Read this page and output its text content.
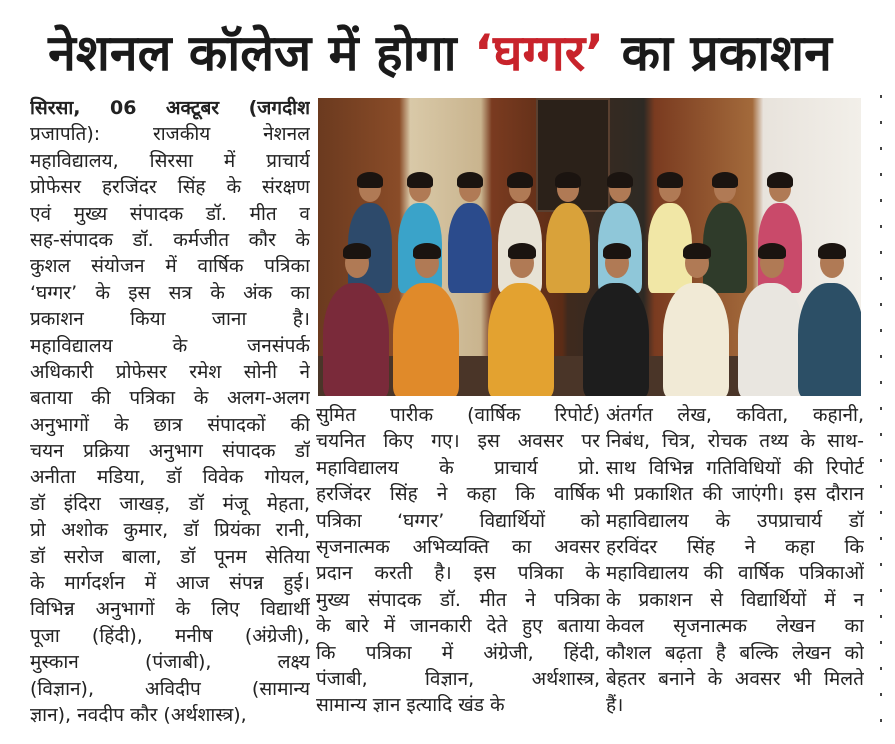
नेशनल कॉलेज में होगा ‘घग्गर’ का प्रकाशन
सिरसा, 06 अक्टूबर (जगदीश
प्रजापति): राजकीय नेशनल
महाविद्यालय, सिरसा में प्राचार्य
प्रोफेसर हरजिंदर सिंह के संरक्षण
एवं मुख्य संपादक डॉ. मीत व
सह-संपादक डॉ. कर्मजीत कौर के
कुशल संयोजन में वार्षिक पत्रिका
‘घग्गर’ के इस सत्र के अंक का
प्रकाशन किया जाना है।
महाविद्यालय के जनसंपर्क
अधिकारी प्रोफेसर रमेश सोनी ने
बताया की पत्रिका के अलग-अलग
अनुभागों के छात्र संपादकों की
चयन प्रक्रिया अनुभाग संपादक डॉ
अनीता मडिया, डॉ विवेक गोयल,
डॉ इंदिरा जाखड़, डॉ मंजू मेहता,
प्रो अशोक कुमार, डॉ प्रियंका रानी,
डॉ सरोज बाला, डॉ पूनम सेतिया
के मार्गदर्शन में आज संपन्न हुई।
विभिन्न अनुभागों के लिए विद्यार्थी
पूजा (हिंदी), मनीष (अंग्रेजी),
मुस्कान (पंजाबी), लक्ष्य
(विज्ञान), अविदीप (सामान्य
ज्ञान), नवदीप कौर (अर्थशास्त्र),
सुमित पारीक (वार्षिक रिपोर्ट)
चयनित किए गए। इस अवसर पर
महाविद्यालय के प्राचार्य प्रो.
हरजिंदर सिंह ने कहा कि वार्षिक
पत्रिका ‘घग्गर’ विद्यार्थियों को
सृजनात्मक अभिव्यक्ति का अवसर
प्रदान करती है। इस पत्रिका के
मुख्य संपादक डॉ. मीत ने पत्रिका
के बारे में जानकारी देते हुए बताया
कि पत्रिका में अंग्रेजी, हिंदी,
पंजाबी, विज्ञान, अर्थशास्त्र,
सामान्य ज्ञान इत्यादि खंड के
अंतर्गत लेख, कविता, कहानी,
निबंध, चित्र, रोचक तथ्य के साथ-
साथ विभिन्न गतिविधियों की रिपोर्ट
भी प्रकाशित की जाएंगी। इस दौरान
महाविद्यालय के उपप्राचार्य डॉ
हरविंदर सिंह ने कहा कि
महाविद्यालय की वार्षिक पत्रिकाओं
के प्रकाशन से विद्यार्थियों में न
केवल सृजनात्मक लेखन का
कौशल बढ़ता है बल्कि लेखन को
बेहतर बनाने के अवसर भी मिलते
हैं।
